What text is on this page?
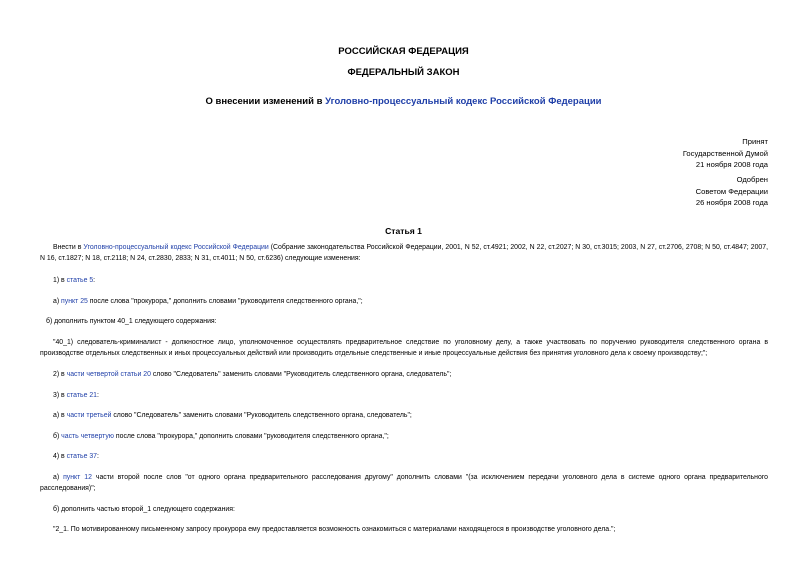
РОССИЙСКАЯ ФЕДЕРАЦИЯ
ФЕДЕРАЛЬНЫЙ ЗАКОН
О внесении изменений в Уголовно-процессуальный кодекс Российской Федерации
Принят
Государственной Думой
21 ноября 2008 года
Одобрен
Советом Федерации
26 ноября 2008 года
Статья 1
Внести в Уголовно-процессуальный кодекс Российской Федерации (Собрание законодательства Российской Федерации, 2001, N 52, ст.4921; 2002, N 22, ст.2027; N 30, ст.3015; 2003, N 27, ст.2706, 2708; N 50, ст.4847; 2007, N 16, ст.1827; N 18, ст.2118; N 24, ст.2830, 2833; N 31, ст.4011; N 50, ст.6236) следующие изменения:
1) в статье 5:
а) пункт 25 после слова "прокурора," дополнить словами "руководителя следственного органа,";
б) дополнить пунктом 40_1 следующего содержания:
"40_1) следователь-криминалист - должностное лицо, уполномоченное осуществлять предварительное следствие по уголовному делу, а также участвовать по поручению руководителя следственного органа в производстве отдельных следственных и иных процессуальных действий или производить отдельные следственные и иные процессуальные действия без принятия уголовного дела к своему производству;";
2) в части четвертой статьи 20 слово "Следователь" заменить словами "Руководитель следственного органа, следователь";
3) в статье 21:
а) в части третьей слово "Следователь" заменить словами "Руководитель следственного органа, следователь";
б) часть четвертую после слова "прокурора," дополнить словами "руководителя следственного органа,";
4) в статье 37:
а) пункт 12 части второй после слов "от одного органа предварительного расследования другому" дополнить словами "(за исключением передачи уголовного дела в системе одного органа предварительного расследования)";
б) дополнить частью второй_1 следующего содержания:
"2_1. По мотивированному письменному запросу прокурора ему предоставляется возможность ознакомиться с материалами находящегося в производстве уголовного дела.";
